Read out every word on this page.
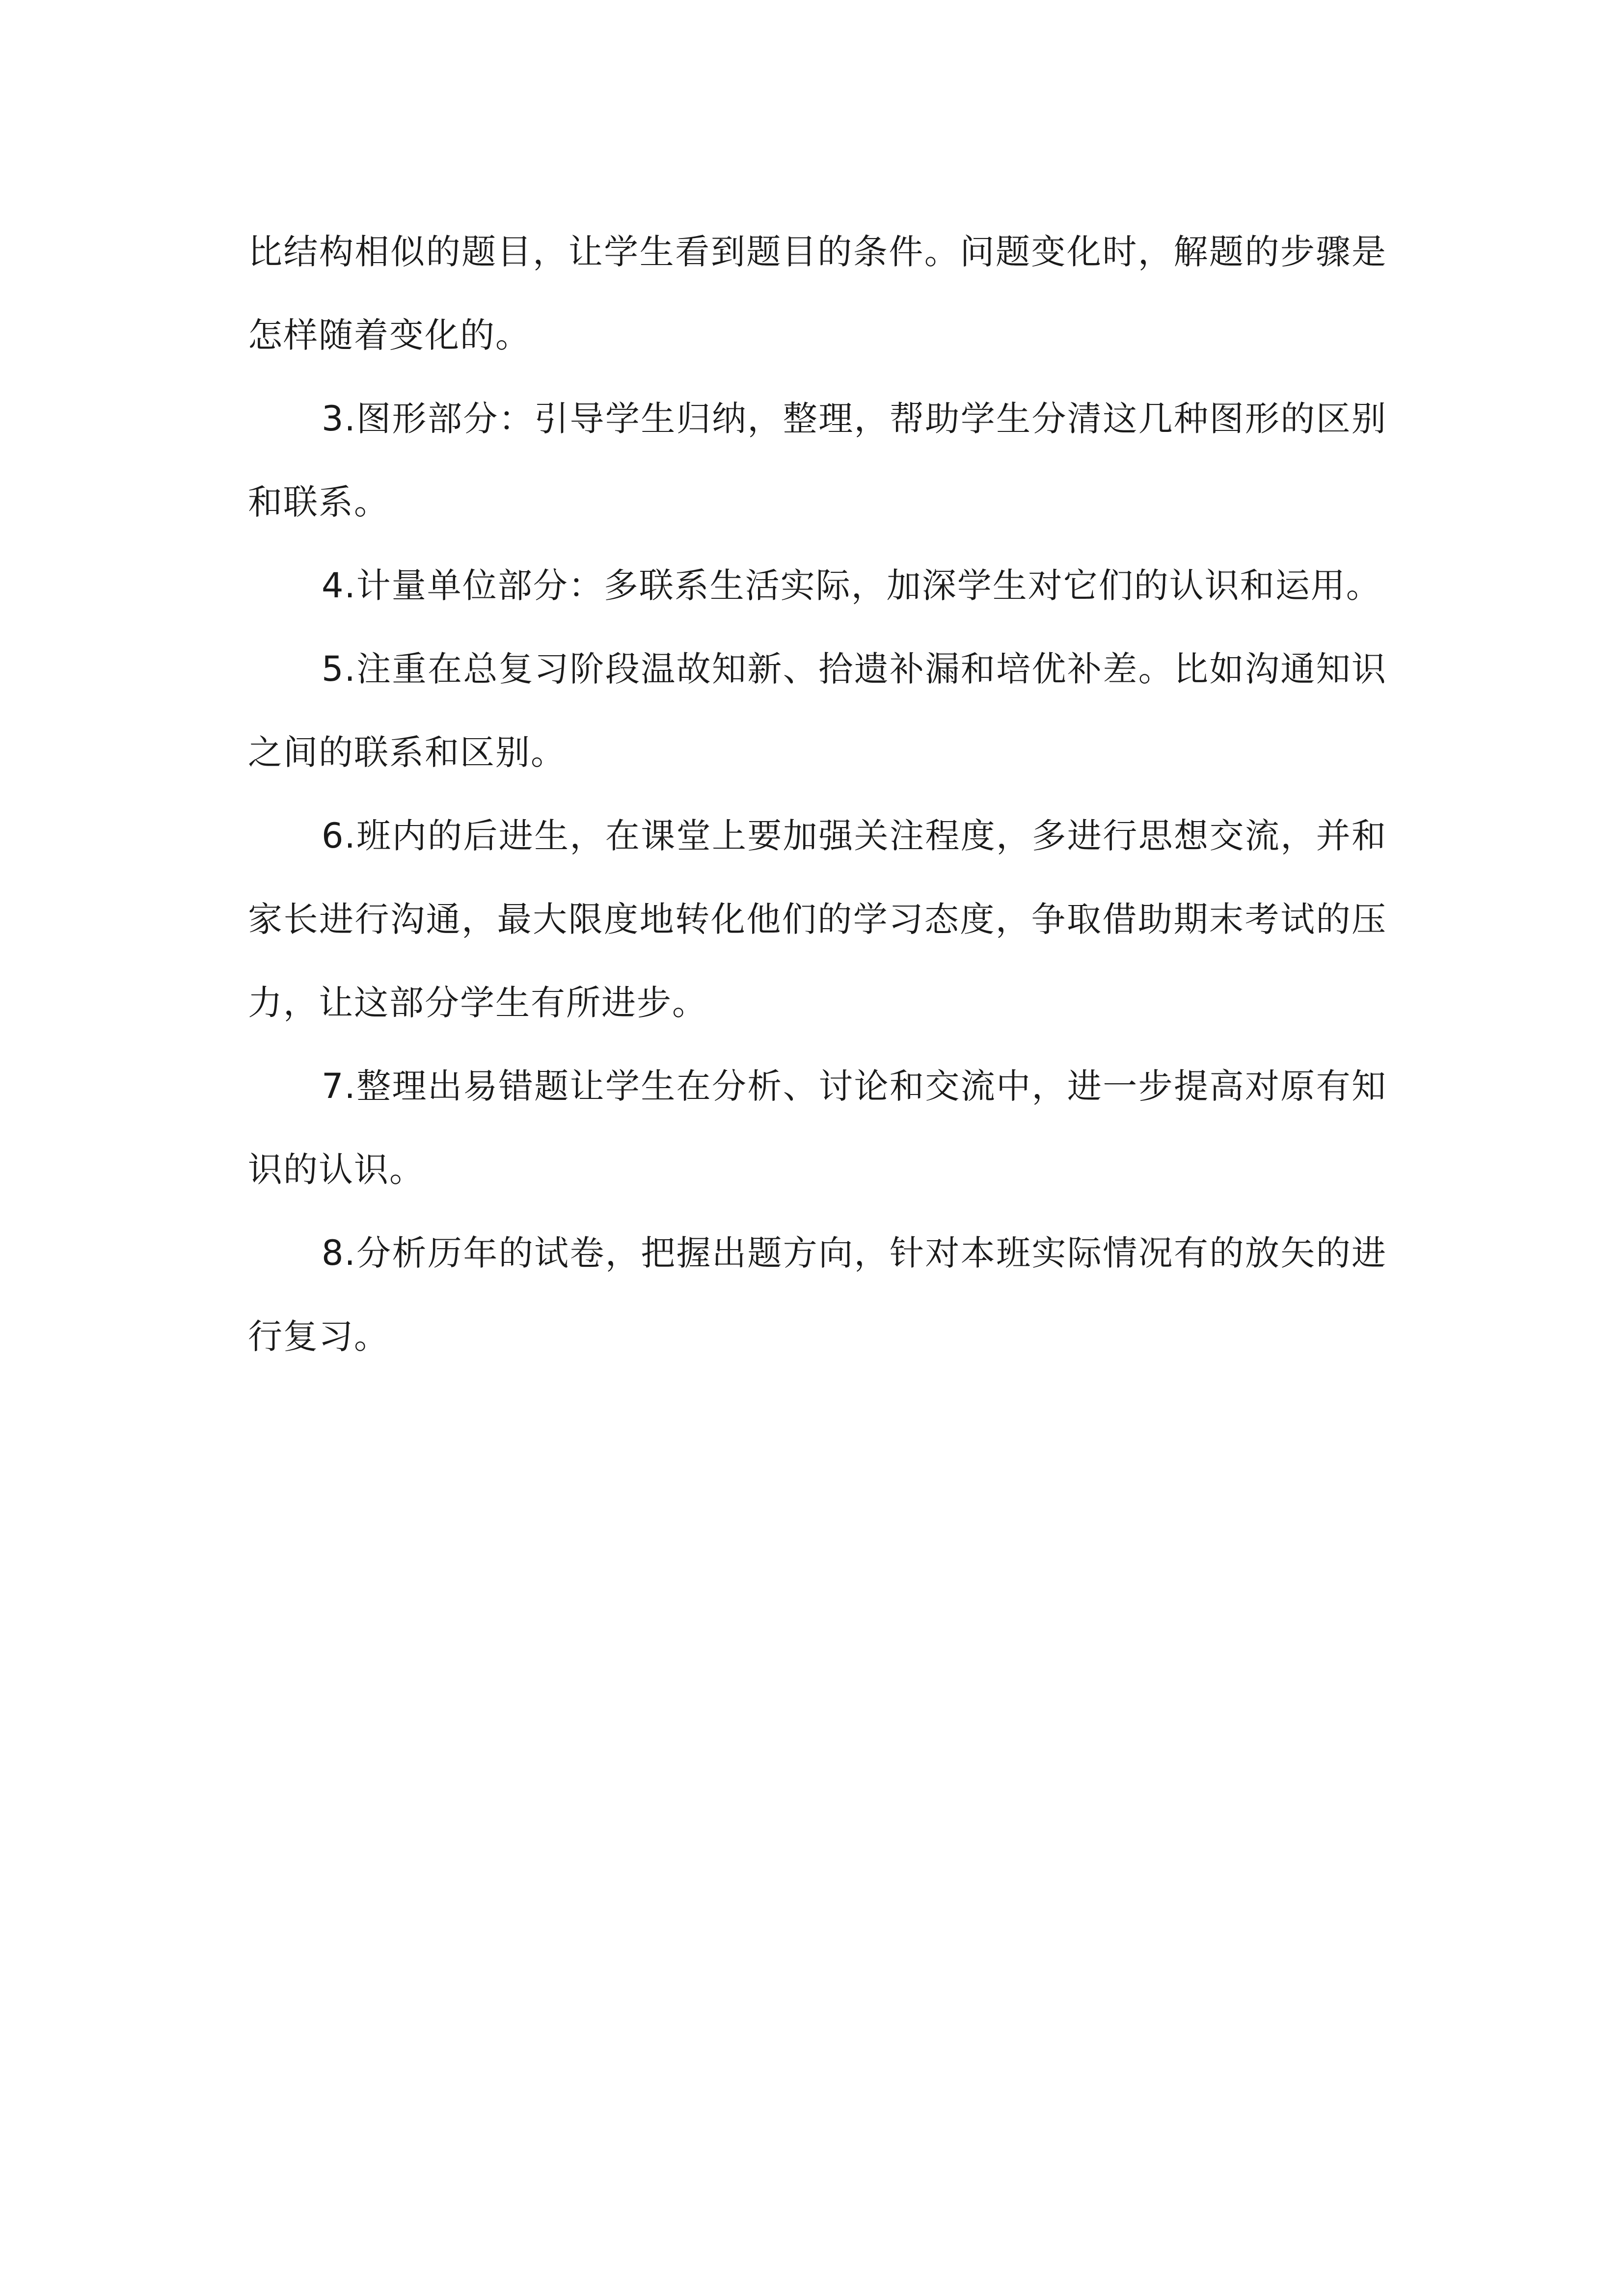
比结构相似的题目，让学生看到题目的条件。问题变化时，解题的步骤是怎样随着变化的。

3.图形部分：引导学生归纳，整理，帮助学生分清这几种图形的区别和联系。

4.计量单位部分：多联系生活实际，加深学生对它们的认识和运用。

5.注重在总复习阶段温故知新、拾遗补漏和培优补差。比如沟通知识之间的联系和区别。

6.班内的后进生，在课堂上要加强关注程度，多进行思想交流，并和家长进行沟通，最大限度地转化他们的学习态度，争取借助期末考试的压力，让这部分学生有所进步。

7.整理出易错题让学生在分析、讨论和交流中，进一步提高对原有知识的认识。

8.分析历年的试卷，把握出题方向，针对本班实际情况有的放矢的进行复习。
